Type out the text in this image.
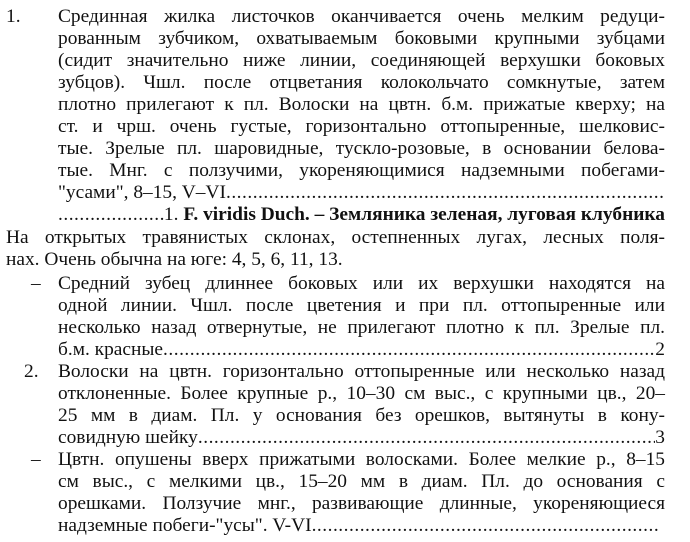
1. Срединная жилка листочков оканчивается очень мелким редуци-
рованным зубчиком, охватываемым боковыми крупными зубцами
(сидит значительно ниже линии, соединяющей верхушки боковых
зубцов). Чшл. после отцветания колокольчато сомкнутые, затем
плотно прилегают к пл. Волоски на цвтн. б.м. прижатые кверху; на
ст. и чрш. очень густые, горизонтально оттопыренные, шелковис-
тые. Зрелые пл. шаровидные, тускло-розовые, в основании белова-
тые. Мнг. с ползучими, укореняющимися надземными побегами-
"усами", 8–15, V–VI
.....
.....
1.
F. viridis Duch. – Земляника зеленая, луговая клубника
На открытых травянистых склонах, остепненных лугах, лесных поля-
нах. Очень обычна на юге: 4, 5, 6, 11, 13.
– Средний зубец длиннее боковых или их верхушки находятся на
одной линии. Чшл. после цветения и при пл. оттопыренные или
несколько назад отвернутые, не прилегают плотно к пл. Зрелые пл.
б.м. красные .....	2
2. Волоски на цвтн. горизонтально оттопыренные или несколько назад
отклоненные. Более крупные р., 10–30 см выс., с крупными цв., 20–
25 мм в диам. Пл. у основания без орешков, вытянуты в кону-
совидную шейку .....	3
– Цвтн. опушены вверх прижатыми волосками. Более мелкие р., 8–15
см выс., с мелкими цв., 15–20 мм в диам. Пл. до основания с
орешками. Ползучие мнг., развивающие длинные, укореняющиеся
надземные побеги-"усы". V-VI
.....
